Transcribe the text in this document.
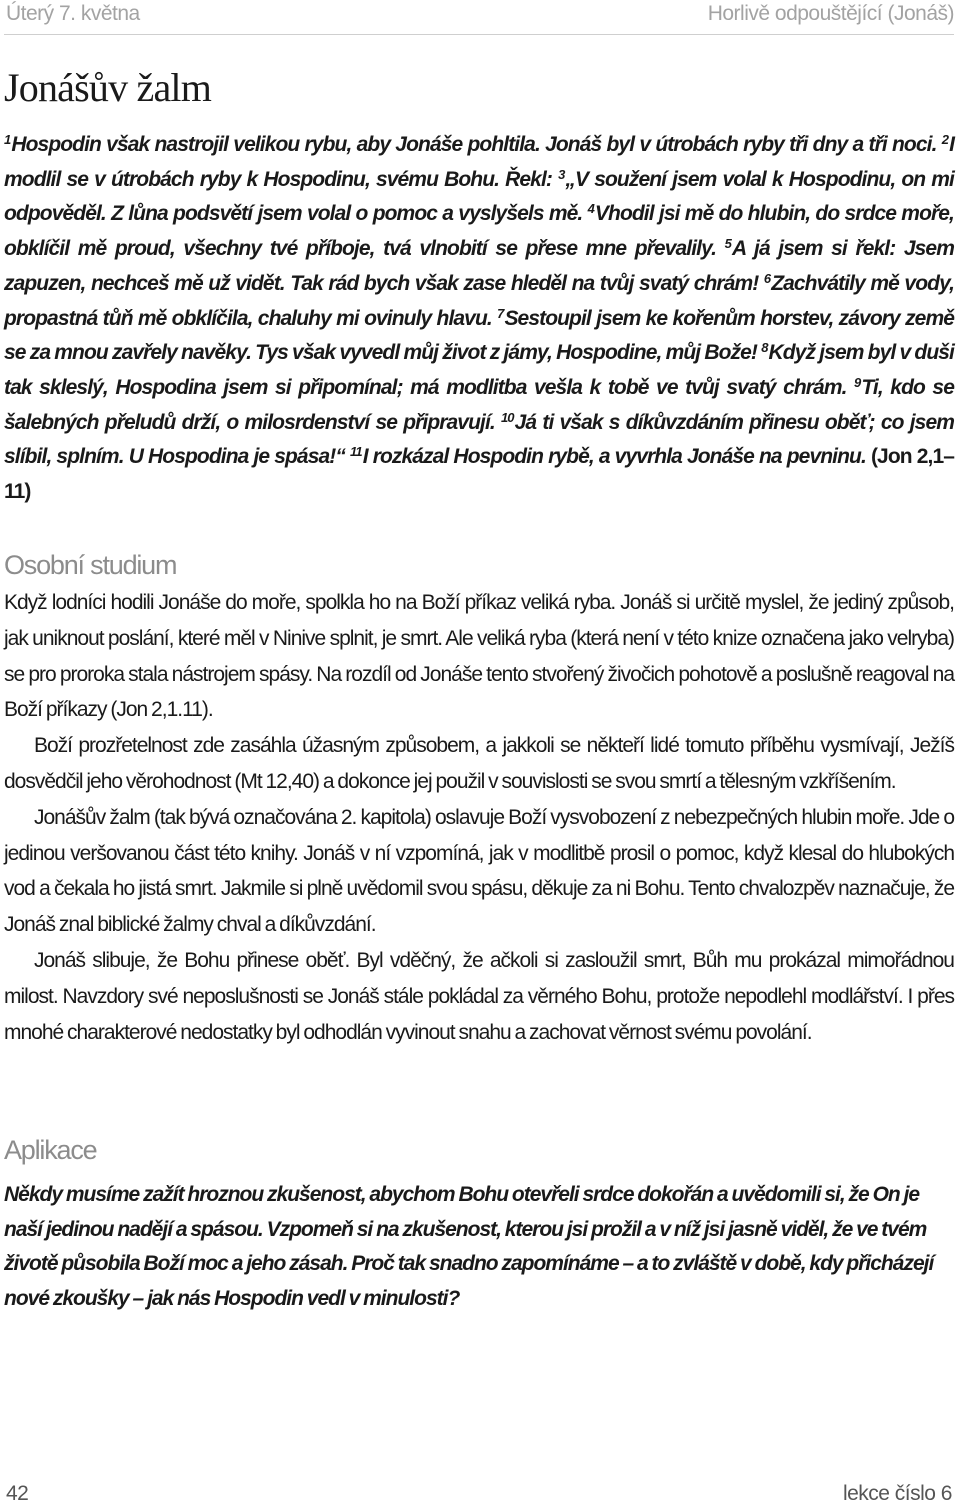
Úterý 7. května	Horlivě odpouštějící (Jonáš)
Jonášův žalm

$^1$Hospodin však nastrojil velikou rybu, aby Jonáše pohltila. Jonáš byl v útrobách ryby tři dny a tři noci. $^2$I modlil se v útrobách ryby k Hospodinu, svému Bohu. Řekl: $^3$„V soužení jsem volal k Hospodinu, on mi odpověděl. Z lůna podsvětí jsem volal o pomoc a vyslyšels mě. $^4$Vhodil jsi mě do hlubin, do srdce moře, obklíčil mě proud, všechny tvé příboje, tvá vlnobití se přese mne převalily. $^5$A já jsem si řekl: Jsem zapuzen, nechceš mě už vidět. Tak rád bych však zase hleděl na tvůj svatý chrám! $^6$Zachvátily mě vody, propastná tůň mě obklíčila, chaluhy mi ovinuly hlavu. $^7$Sestoupil jsem ke kořenům horstev, závory země se za mnou zavřely navěky. Tys však vyvedl můj život z jámy, Hospodine, můj Bože! $^8$Když jsem byl v duši tak skleslý, Hospodina jsem si připomínal; má modlitba vešla k tobě ve tvůj svatý chrám. $^9$Ti, kdo se šalebných přeludů drží, o milosrdenství se připravují. $^{10}$Já ti však s díkůvzdáním přinesu oběť; co jsem slíbil, splním. U Hospodina je spása!“ $^{11}$I rozkázal Hospodin rybě, a vyvrhla Jonáše na pevninu. (Jon 2,1–11)

Osobní studium

Když lodníci hodili Jonáše do moře, spolkla ho na Boží příkaz veliká ryba. Jonáš si určitě myslel, že jediný způsob, jak uniknout poslání, které měl v Ninive splnit, je smrt. Ale veliká ryba (která není v této knize označena jako velryba) se pro proroka stala nástrojem spásy. Na rozdíl od Jonáše tento stvořený živočich pohotově a poslušně reagoval na Boží příkazy (Jon 2,1.11).

Boží prozřetelnost zde zasáhla úžasným způsobem, a jakkoli se někteří lidé tomuto příběhu vysmívají, Ježíš dosvědčil jeho věrohodnost (Mt 12,40) a dokonce jej použil v souvislosti se svou smrtí a tělesným vzkříšením.

Jonášův žalm (tak bývá označována 2. kapitola) oslavuje Boží vysvobození z nebezpečných hlubin moře. Jde o jedinou veršovanou část této knihy. Jonáš v ní vzpomíná, jak v modlitbě prosil o pomoc, když klesal do hlubokých vod a čekala ho jistá smrt. Jakmile si plně uvědomil svou spásu, děkuje za ni Bohu. Tento chvalozpěv naznačuje, že Jonáš znal biblické žalmy chval a díkůvzdání.

Jonáš slibuje, že Bohu přinese oběť. Byl vděčný, že ačkoli si zasloužil smrt, Bůh mu prokázal mimořádnou milost. Navzdory své neposlušnosti se Jonáš stále pokládal za věrného Bohu, protože nepodlehl modlářství. I přes mnohé charakterové nedostatky byl odhodlán vyvinout snahu a zachovat věrnost svému povolání.

Aplikace

Někdy musíme zažít hroznou zkušenost, abychom Bohu otevřeli srdce dokořán a uvědomili si, že On je naší jedinou nadějí a spásou. Vzpomeň si na zkušenost, kterou jsi prožil a v níž jsi jasně viděl, že ve tvém životě působila Boží moc a jeho zásah. Proč tak snadno zapomínáme – a to zvláště v době, kdy přicházejí nové zkoušky – jak nás Hospodin vedl v minulosti?

42	lekce číslo 6
